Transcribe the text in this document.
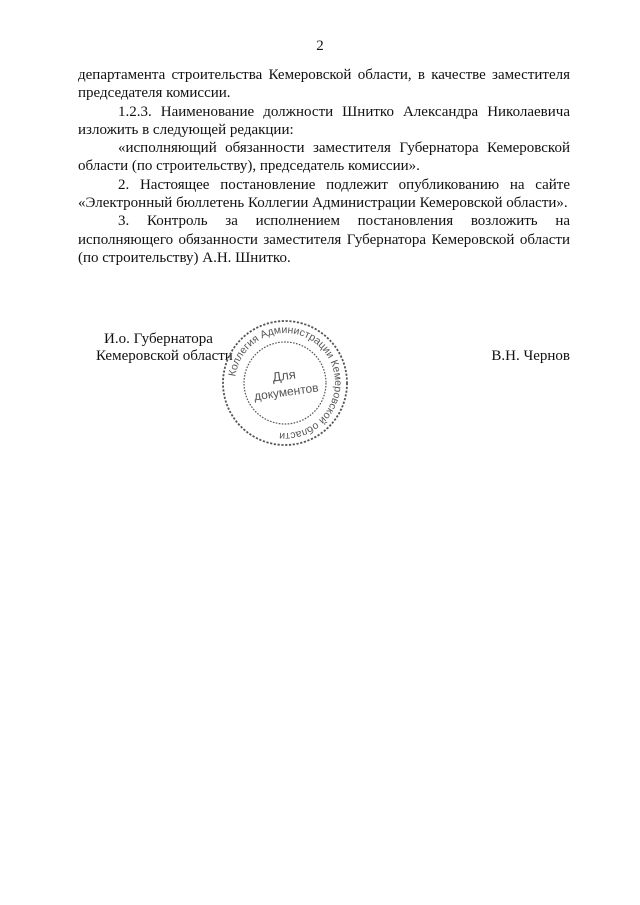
2

департамента строительства Кемеровской области, в качестве заместителя председателя комиссии.

1.2.3. Наименование должности Шнитко Александра Николаевича изложить в следующей редакции:

«исполняющий обязанности заместителя Губернатора Кемеровской области (по строительству), председатель комиссии».

2. Настоящее постановление подлежит опубликованию на сайте «Электронный бюллетень Коллегии Администрации Кемеровской области».

3. Контроль за исполнением постановления возложить на исполняющего обязанности заместителя Губернатора Кемеровской области (по строительству) А.Н. Шнитко.

И.о. Губернатора
Кемеровской области	В.Н. Чернов
Коллегия Администрации Кемеровской области
Для
документов
